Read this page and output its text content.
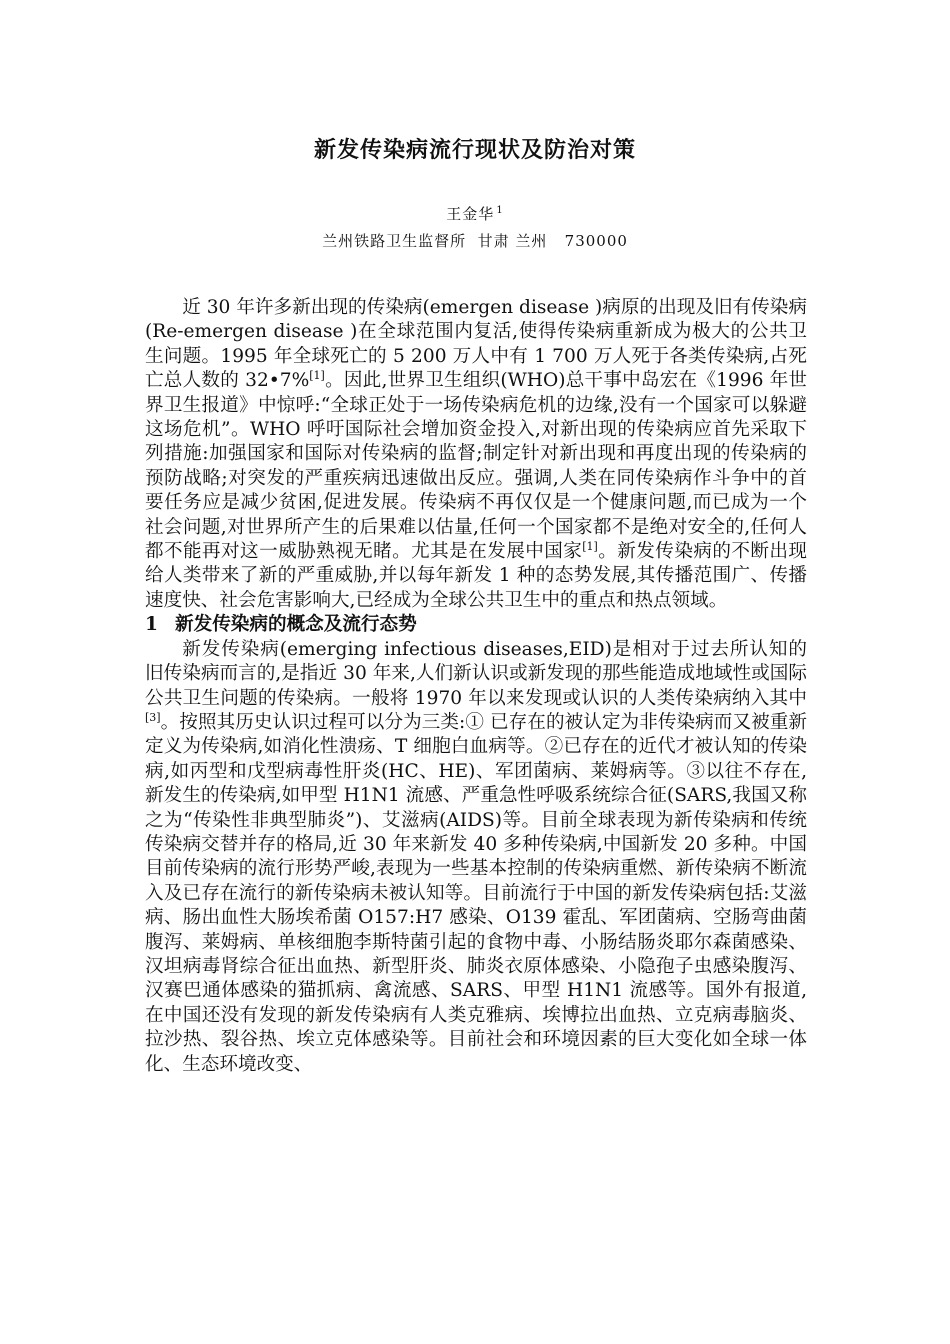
新发传染病流行现状及防治对策
王金华 $^1$
兰州铁路卫生监督所  甘肃 兰州   730000

近 30 年许多新出现的传染病(emergen disease )病原的出现及旧有传染病(Re-emergen disease )在全球范围内复活,使得传染病重新成为极大的公共卫生问题。1995 年全球死亡的 5 200 万人中有 1 700 万人死于各类传染病,占死亡总人数的 32•7%[1]。因此,世界卫生组织(WHO)总干事中岛宏在《1996 年世界卫生报道》中惊呼:“全球正处于一场传染病危机的边缘,没有一个国家可以躲避这场危机”。WHO 呼吁国际社会增加资金投入,对新出现的传染病应首先采取下列措施:加强国家和国际对传染病的监督;制定针对新出现和再度出现的传染病的预防战略;对突发的严重疾病迅速做出反应。强调,人类在同传染病作斗争中的首要任务应是减少贫困,促进发展。传染病不再仅仅是一个健康问题,而已成为一个社会问题,对世界所产生的后果难以估量,任何一个国家都不是绝对安全的,任何人都不能再对这一威胁熟视无睹。尤其是在发展中国家[1]。新发传染病的不断出现给人类带来了新的严重威胁,并以每年新发 1 种的态势发展,其传播范围广、传播速度快、社会危害影响大,已经成为全球公共卫生中的重点和热点领域。

1 新发传染病的概念及流行态势

新发传染病(emerging infectious diseases,EID)是相对于过去所认知的旧传染病而言的,是指近 30 年来,人们新认识或新发现的那些能造成地域性或国际公共卫生问题的传染病。一般将 1970 年以来发现或认识的人类传染病纳入其中[3]。按照其历史认识过程可以分为三类:① 已存在的被认定为非传染病而又被重新定义为传染病,如消化性溃疡、T 细胞白血病等。②已存在的近代才被认知的传染病,如丙型和戊型病毒性肝炎(HC、HE)、军团菌病、莱姆病等。③以往不存在,新发生的传染病,如甲型 H1N1 流感、严重急性呼吸系统综合征(SARS,我国又称之为“传染性非典型肺炎”)、艾滋病(AIDS)等。目前全球表现为新传染病和传统传染病交替并存的格局,近 30 年来新发 40 多种传染病,中国新发 20 多种。中国目前传染病的流行形势严峻,表现为一些基本控制的传染病重燃、新传染病不断流入及已存在流行的新传染病未被认知等。目前流行于中国的新发传染病包括:艾滋病、肠出血性大肠埃希菌 O157:H7 感染、O139 霍乱、军团菌病、空肠弯曲菌腹泻、莱姆病、单核细胞李斯特菌引起的食物中毒、小肠结肠炎耶尔森菌感染、汉坦病毒肾综合征出血热、新型肝炎、肺炎衣原体感染、小隐孢子虫感染腹泻、汉赛巴通体感染的猫抓病、禽流感、SARS、甲型 H1N1 流感等。国外有报道,在中国还没有发现的新发传染病有人类克雅病、埃博拉出血热、立克病毒脑炎、拉沙热、裂谷热、埃立克体感染等。目前社会和环境因素的巨大变化如全球一体化、生态环境改变、
